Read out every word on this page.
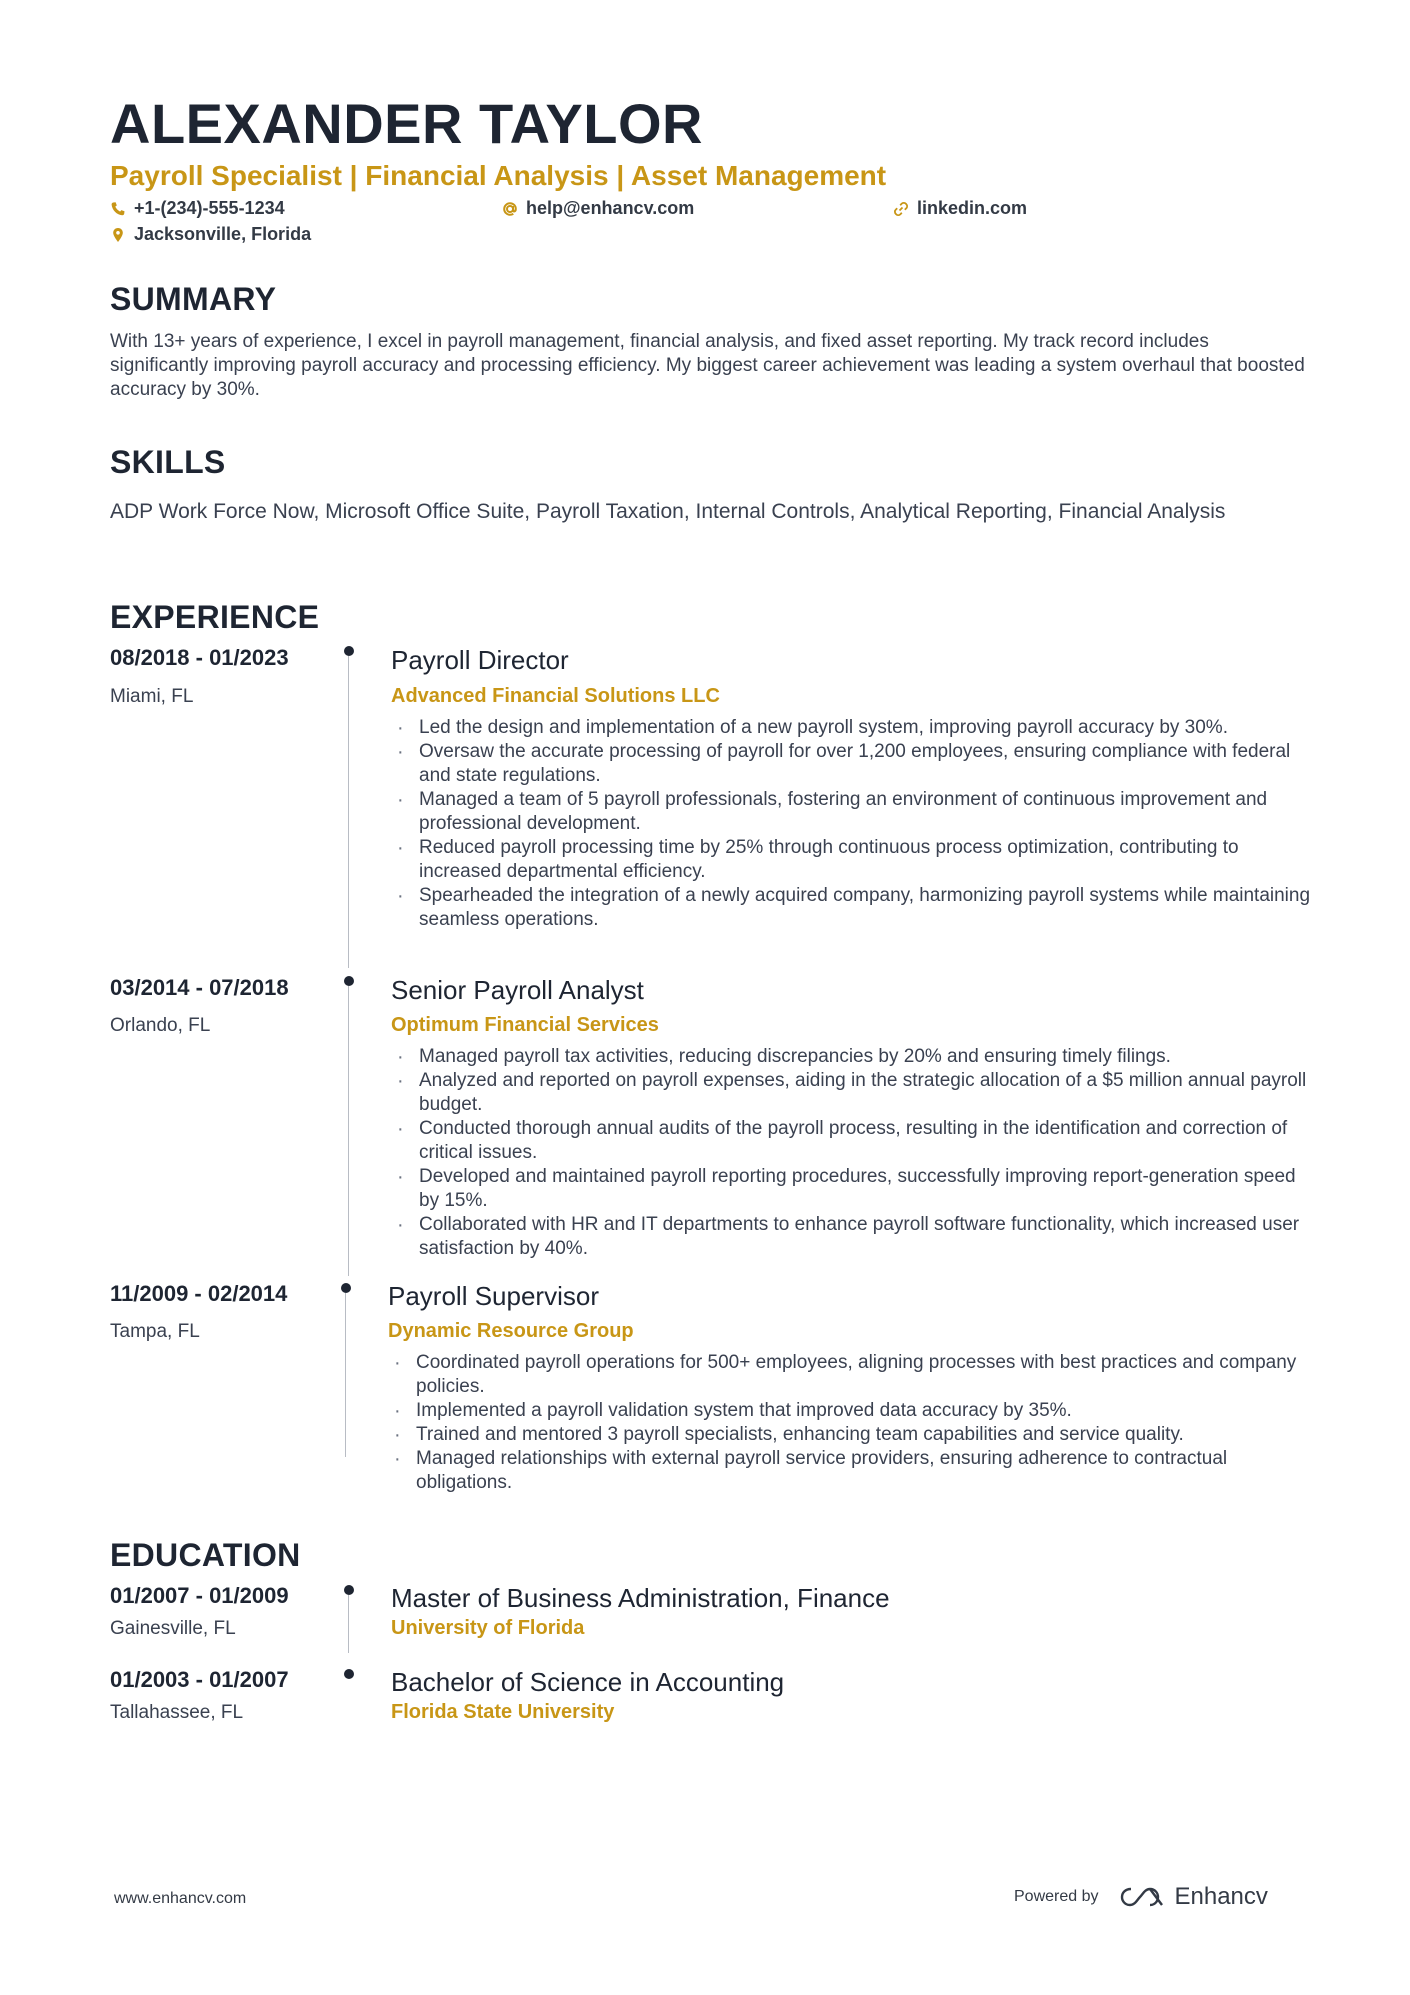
ALEXANDER TAYLOR
Payroll Specialist | Financial Analysis | Asset Management
+1-(234)-555-1234	help@enhancv.com	linkedin.com
Jacksonville, Florida
SUMMARY
With 13+ years of experience, I excel in payroll management, financial analysis, and fixed asset reporting. My track record includes significantly improving payroll accuracy and processing efficiency. My biggest career achievement was leading a system overhaul that boosted accuracy by 30%.
SKILLS
ADP Work Force Now, Microsoft Office Suite, Payroll Taxation, Internal Controls, Analytical Reporting, Financial Analysis
EXPERIENCE
08/2018 - 01/2023
Miami, FL
Payroll Director
Advanced Financial Solutions LLC
· Led the design and implementation of a new payroll system, improving payroll accuracy by 30%.
· Oversaw the accurate processing of payroll for over 1,200 employees, ensuring compliance with federal and state regulations.
· Managed a team of 5 payroll professionals, fostering an environment of continuous improvement and professional development.
· Reduced payroll processing time by 25% through continuous process optimization, contributing to increased departmental efficiency.
· Spearheaded the integration of a newly acquired company, harmonizing payroll systems while maintaining seamless operations.
03/2014 - 07/2018
Orlando, FL
Senior Payroll Analyst
Optimum Financial Services
· Managed payroll tax activities, reducing discrepancies by 20% and ensuring timely filings.
· Analyzed and reported on payroll expenses, aiding in the strategic allocation of a $5 million annual payroll budget.
· Conducted thorough annual audits of the payroll process, resulting in the identification and correction of critical issues.
· Developed and maintained payroll reporting procedures, successfully improving report-generation speed by 15%.
· Collaborated with HR and IT departments to enhance payroll software functionality, which increased user satisfaction by 40%.
11/2009 - 02/2014
Tampa, FL
Payroll Supervisor
Dynamic Resource Group
· Coordinated payroll operations for 500+ employees, aligning processes with best practices and company policies.
· Implemented a payroll validation system that improved data accuracy by 35%.
· Trained and mentored 3 payroll specialists, enhancing team capabilities and service quality.
· Managed relationships with external payroll service providers, ensuring adherence to contractual obligations.
EDUCATION
01/2007 - 01/2009
Gainesville, FL
Master of Business Administration, Finance
University of Florida
01/2003 - 01/2007
Tallahassee, FL
Bachelor of Science in Accounting
Florida State University
www.enhancv.com	Powered by	Enhancv
